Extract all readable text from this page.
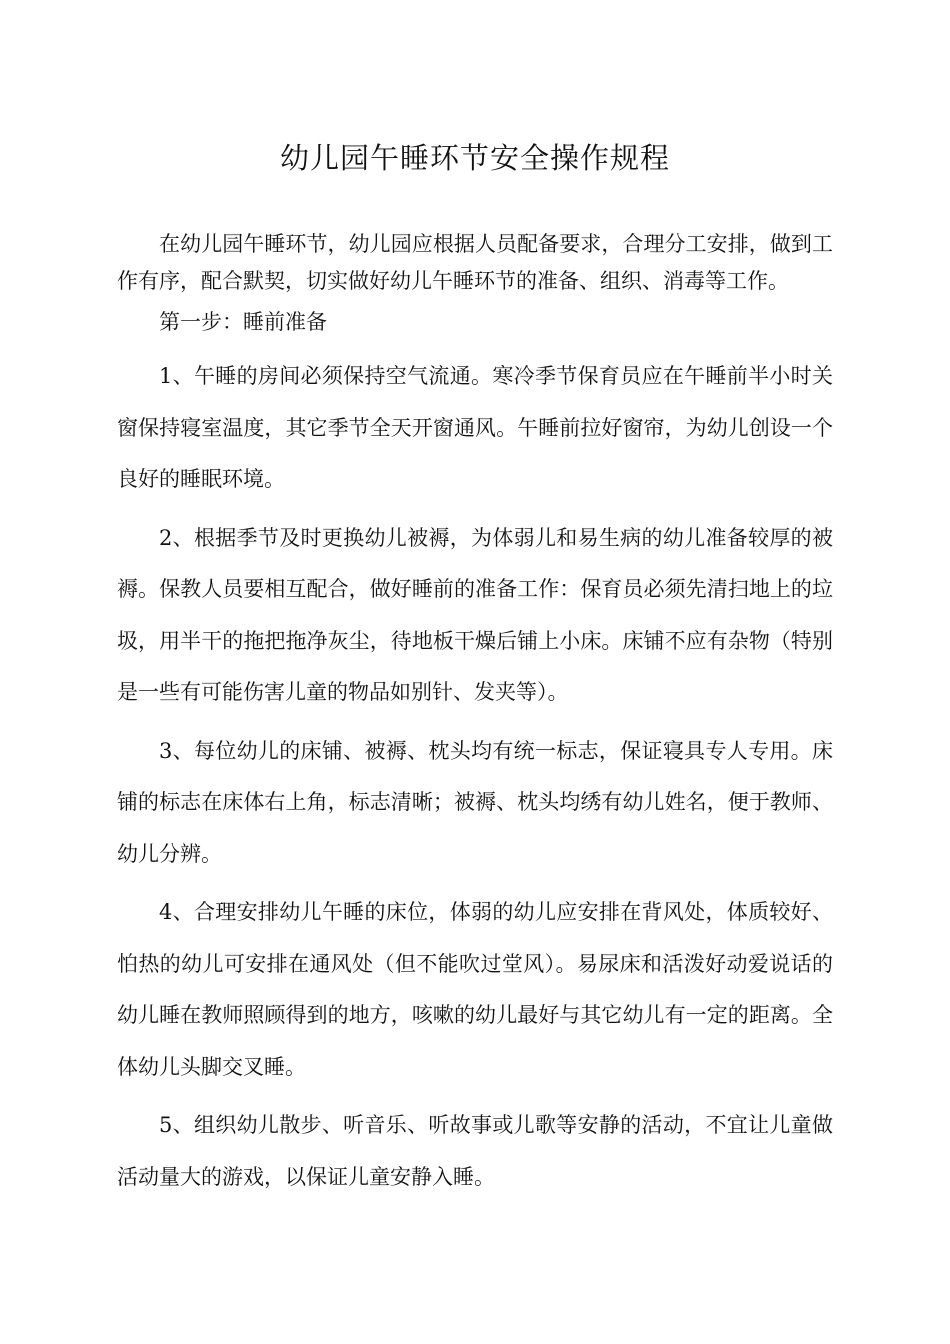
幼儿园午睡环节安全操作规程

在幼儿园午睡环节，幼儿园应根据人员配备要求，合理分工安排，做到工作有序，配合默契，切实做好幼儿午睡环节的准备、组织、消毒等工作。

第一步：睡前准备

1、午睡的房间必须保持空气流通。寒冷季节保育员应在午睡前半小时关窗保持寝室温度，其它季节全天开窗通风。午睡前拉好窗帘，为幼儿创设一个良好的睡眠环境。

2、根据季节及时更换幼儿被褥，为体弱儿和易生病的幼儿准备较厚的被褥。保教人员要相互配合，做好睡前的准备工作：保育员必须先清扫地上的垃圾，用半干的拖把拖净灰尘，待地板干燥后铺上小床。床铺不应有杂物（特别是一些有可能伤害儿童的物品如别针、发夹等）。

3、每位幼儿的床铺、被褥、枕头均有统一标志，保证寝具专人专用。床铺的标志在床体右上角，标志清晰；被褥、枕头均绣有幼儿姓名，便于教师、幼儿分辨。

4、合理安排幼儿午睡的床位，体弱的幼儿应安排在背风处，体质较好、怕热的幼儿可安排在通风处（但不能吹过堂风）。易尿床和活泼好动爱说话的幼儿睡在教师照顾得到的地方，咳嗽的幼儿最好与其它幼儿有一定的距离。全体幼儿头脚交叉睡。

5、组织幼儿散步、听音乐、听故事或儿歌等安静的活动，不宜让儿童做活动量大的游戏，以保证儿童安静入睡。
